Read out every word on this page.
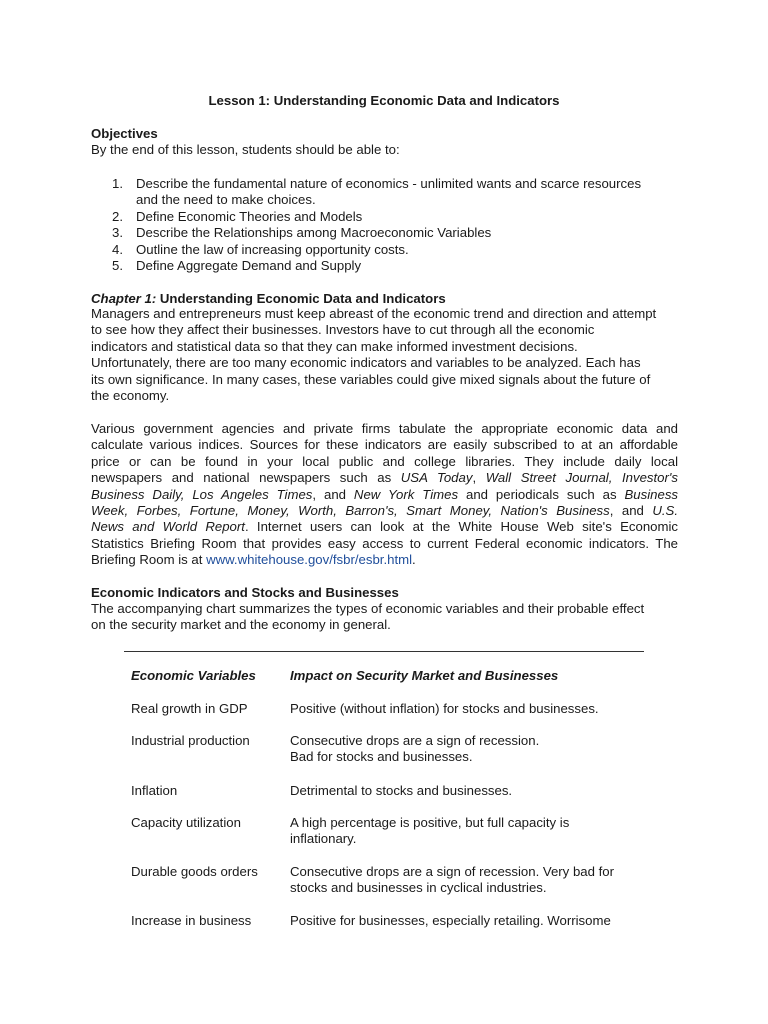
Lesson 1: Understanding Economic Data and Indicators
Objectives
By the end of this lesson, students should be able to:
1. Describe the fundamental nature of economics - unlimited wants and scarce resources
and the need to make choices.
2. Define Economic Theories and Models
3. Describe the Relationships among Macroeconomic Variables
4. Outline the law of increasing opportunity costs.
5. Define Aggregate Demand and Supply
Chapter 1: Understanding Economic Data and Indicators
Managers and entrepreneurs must keep abreast of the economic trend and direction and attempt
to see how they affect their businesses. Investors have to cut through all the economic
indicators and statistical data so that they can make informed investment decisions.
Unfortunately, there are too many economic indicators and variables to be analyzed. Each has
its own significance. In many cases, these variables could give mixed signals about the future of
the economy.
Various government agencies and private firms tabulate the appropriate economic data and
calculate various indices. Sources for these indicators are easily subscribed to at an affordable
price or can be found in your local public and college libraries. They include daily local
newspapers and national newspapers such as USA Today, Wall Street Journal, Investor's
Business Daily, Los Angeles Times, and New York Times and periodicals such as Business
Week, Forbes, Fortune, Money, Worth, Barron's, Smart Money, Nation's Business, and U.S.
News and World Report. Internet users can look at the White House Web site's Economic
Statistics Briefing Room that provides easy access to current Federal economic indicators. The
Briefing Room is at www.whitehouse.gov/fsbr/esbr.html.
Economic Indicators and Stocks and Businesses
The accompanying chart summarizes the types of economic variables and their probable effect
on the security market and the economy in general.
Economic Variables	Impact on Security Market and Businesses
Real growth in GDP	Positive (without inflation) for stocks and businesses.
Industrial production	Consecutive drops are a sign of recession.
Bad for stocks and businesses.
Inflation	Detrimental to stocks and businesses.
Capacity utilization	A high percentage is positive, but full capacity is
inflationary.
Durable goods orders	Consecutive drops are a sign of recession. Very bad for
stocks and businesses in cyclical industries.
Increase in business	Positive for businesses, especially retailing. Worrisome
